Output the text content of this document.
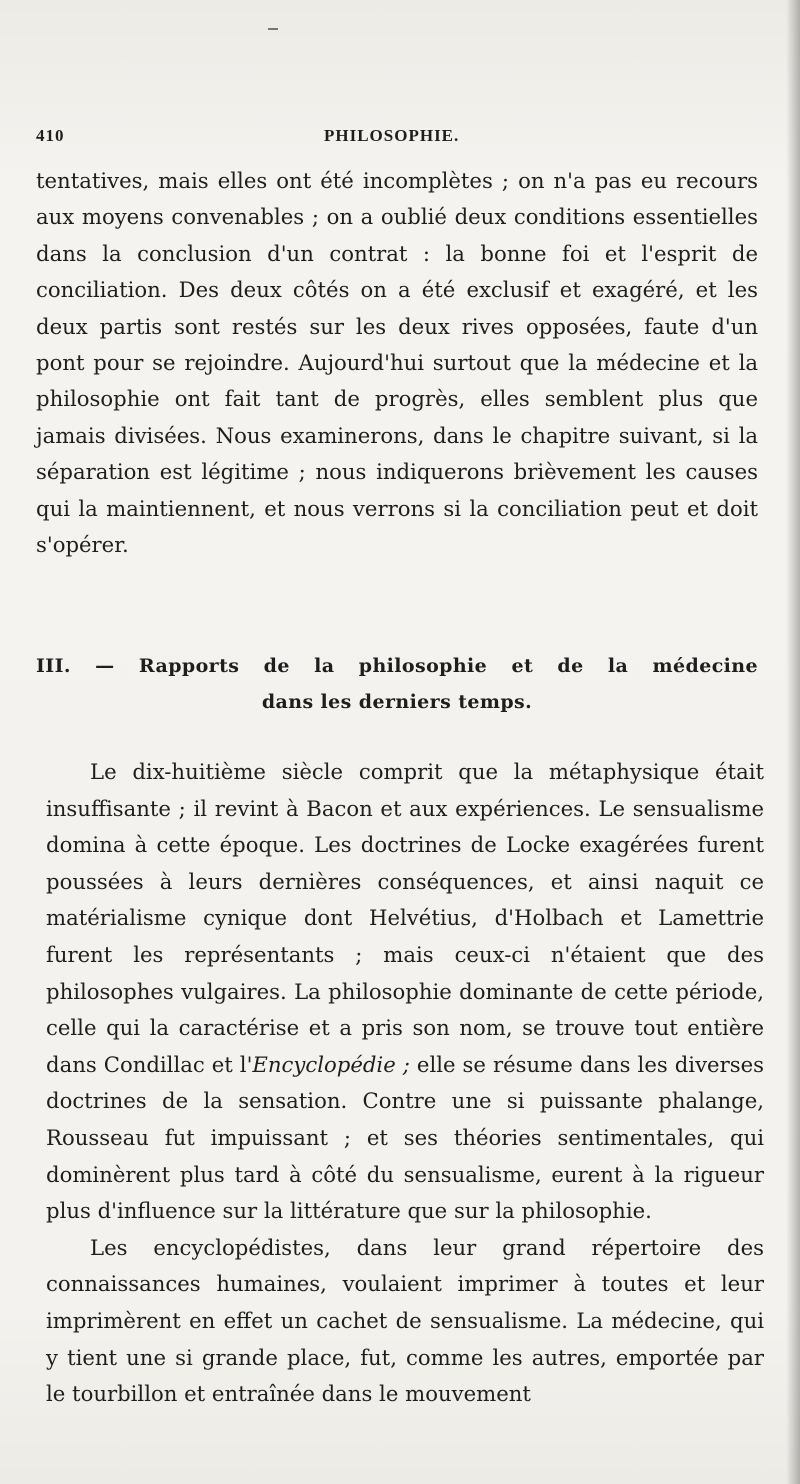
410	PHILOSOPHIE.

tentatives, mais elles ont été incomplètes ; on n'a pas eu recours aux moyens convenables ; on a oublié deux conditions essentielles dans la conclusion d'un contrat : la bonne foi et l'esprit de conciliation. Des deux côtés on a été exclusif et exagéré, et les deux partis sont restés sur les deux rives opposées, faute d'un pont pour se rejoindre. Aujourd'hui surtout que la médecine et la philosophie ont fait tant de progrès, elles semblent plus que jamais divisées. Nous examinerons, dans le chapitre suivant, si la séparation est légitime ; nous indiquerons brièvement les causes qui la maintiennent, et nous verrons si la conciliation peut et doit s'opérer.

III. — Rapports de la philosophie et de la médecine
dans les derniers temps.

Le dix-huitième siècle comprit que la métaphysique était insuffisante ; il revint à Bacon et aux expériences. Le sensualisme domina à cette époque. Les doctrines de Locke exagérées furent poussées à leurs dernières conséquences, et ainsi naquit ce matérialisme cynique dont Helvétius, d'Holbach et Lamettrie furent les représentants ; mais ceux-ci n'étaient que des philosophes vulgaires. La philosophie dominante de cette période, celle qui la caractérise et a pris son nom, se trouve tout entière dans Condillac et l'Encyclopédie ; elle se résume dans les diverses doctrines de la sensation. Contre une si puissante phalange, Rousseau fut impuissant ; et ses théories sentimentales, qui dominèrent plus tard à côté du sensualisme, eurent à la rigueur plus d'influence sur la littérature que sur la philosophie.

Les encyclopédistes, dans leur grand répertoire des connaissances humaines, voulaient imprimer à toutes et leur imprimèrent en effet un cachet de sensualisme. La médecine, qui y tient une si grande place, fut, comme les autres, emportée par le tourbillon et entraînée dans le mouvement
